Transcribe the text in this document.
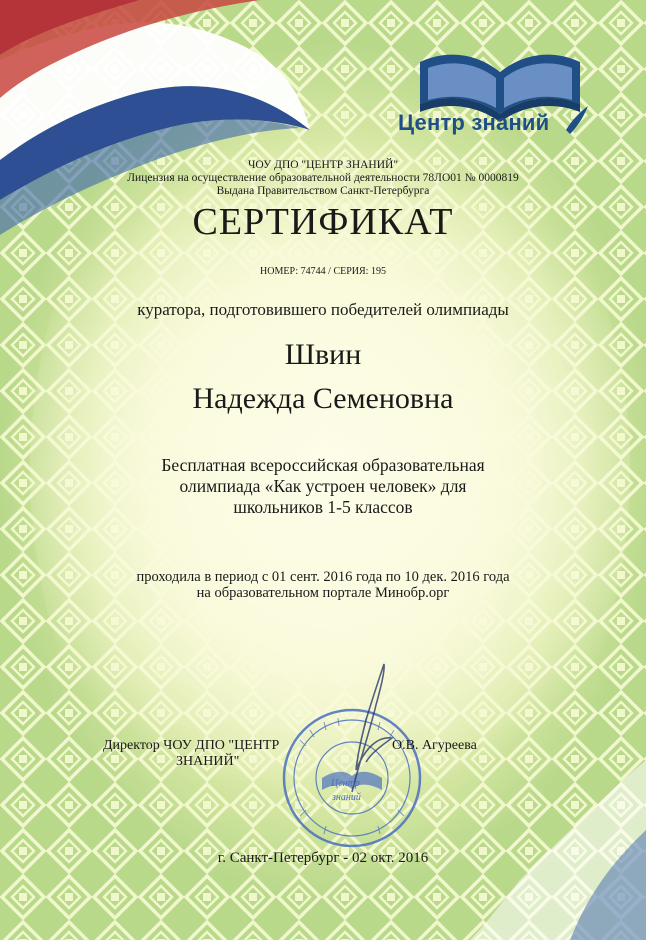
Центр знаний
ЧОУ ДПО "ЦЕНТР ЗНАНИЙ"
Лицензия на осуществление образовательной деятельности 78ЛО01 № 0000819
Выдана Правительством Санкт-Петербурга
СЕРТИФИКАТ
НОМЕР: 74744 / СЕРИЯ: 195
куратора, подготовившего победителей олимпиады
Швин
Надежда Семеновна
Бесплатная всероссийская образовательная
олимпиада «Как устроен человек» для
школьников 1-5 классов
проходила в период с 01 сент. 2016 года по 10 дек. 2016 года
на образовательном портале Минобр.орг
Директор ЧОУ ДПО "ЦЕНТР
ЗНАНИЙ"
О.В. Агуреева
Центр
знаний
г. Санкт-Петербург - 02 окт. 2016
